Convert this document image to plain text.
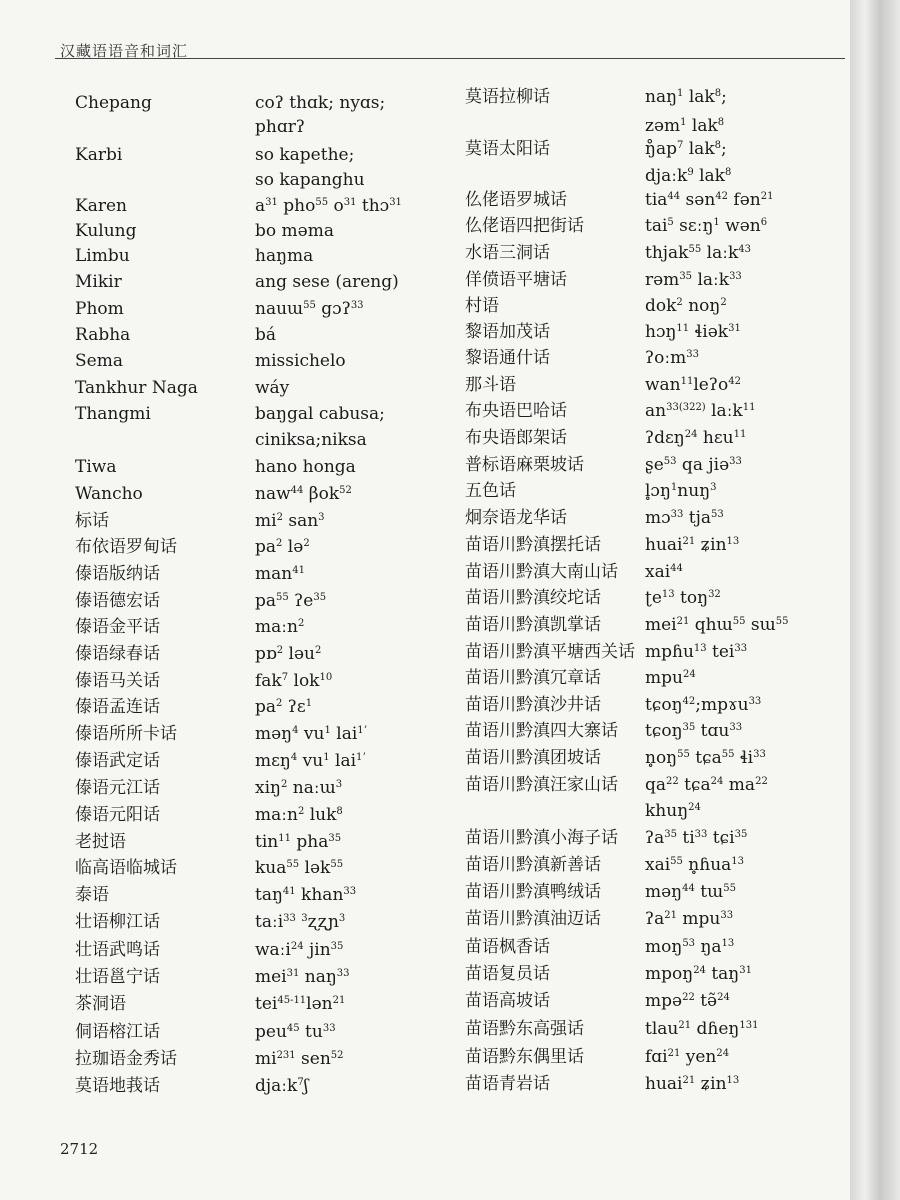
汉藏语语音和词汇
Chepang	coʔ thɑk; nyɑs;
phɑrʔ
Karbi	so kapethe;
so kapanghu
Karen	$a^{31}$ pho$^{55}$ $o^{31}$ thɔ$^{31}$
Kulung	bo məma
Limbu	haŋma
Mikir	ang sese (areng)
Phom	nauɯ$^{55}$ gɔʔ$^{33}$
Rabha	bá
Sema	missichelo
Tankhur Naga	wáy
Thangmi	baŋgal cabusa;
ciniksa;niksa
Tiwa	hano honga
Wancho	naw$^{44}$ βok$^{52}$
标话	$mi^2$ san$^3$
布依语罗甸话	$pa^2$ lə$^2$
傣语版纳话	man$^{41}$
傣语德宏话	$pa^{55}$ ʔe$^{35}$
傣语金平话	maːn$^2$
傣语绿春话	pɒ$^2$ ləu$^2$
傣语马关话	fak$^7$ lok$^{10}$
傣语孟连话	$pa^2$ ʔɛ$^1$
傣语所所卡话	məŋ$^4$ $vu^1$ lai$^{1ʼ}$
傣语武定话	mɛŋ$^4$ $vu^1$ lai$^{1ʼ}$
傣语元江话	xiŋ$^2$ naːɯ$^3$
傣语元阳话	maːn$^2$ luk$^8$
老挝语	tin$^{11}$ pha$^{35}$
临高语临城话	kua$^{55}$ lək$^{55}$
泰语	taŋ$^{41}$ khan$^{33}$
壮语柳江话	taːi$^{33}$ $^3$ʐʐɲ$^3$
壮语武鸣话	waːi$^{24}$ jin$^{35}$
壮语邕宁话	mei$^{31}$ naŋ$^{33}$
茶洞语	tei$^{45-11}$lən$^{21}$
侗语榕江话	peu$^{45}$ $tu^{33}$
拉珈语金秀话	$mi^{231}$ sen$^{52}$
莫语地莪话	djaːk$^7$ʃ
莫语拉柳话	naŋ$^1$ lak$^8$;
zəm$^1$ lak$^8$
莫语太阳话	$ŋ̊ap^7$ lak$^8$;
djaːk$^9$ lak$^8$
仫佬语罗城话	tia$^{44}$ sən$^{42}$ fən$^{21}$
仫佬语四把街话	tai$^5$ sɛːŋ$^1$ wən$^6$
水语三洞话	thjak$^{55}$ laːk$^{43}$
佯偾语平塘话	rəm$^{35}$ laːk$^{33}$
村语	dok$^2$ noŋ$^2$
黎语加茂话	hɔŋ$^{11}$ ɬiək$^{31}$
黎语通什话	ʔoːm$^{33}$
那斗语	wan$^{11}$leʔo$^{42}$
布央语巴哈话	$an^{33(322)}$ laːk$^{11}$
布央语郎架话	ʔdɛŋ$^{24}$ hɛu$^{11}$
普标语麻栗坡话	ʂe$^{53}$ qa jiə$^{33}$
五色话	l̥ɔŋ$^1$nuŋ$^3$
炯奈语龙华话	mɔ$^{33}$ tja$^{53}$
苗语川黔滇摆托话	huai$^{21}$ ʑin$^{13}$
苗语川黔滇大南山话 xai$^{44}$
苗语川黔滇绞坨话	ʈe$^{13}$ toŋ$^{32}$
苗语川黔滇凯掌话	mei$^{21}$ qhɯ$^{55}$ sɯ$^{55}$
苗语川黔滇平塘西关话 mpɦu$^{13}$ tei$^{33}$
苗语川黔滇冗章话	mpu$^{24}$
苗语川黔滇沙井话	tɕoŋ$^{42}$;mpɤu$^{33}$
苗语川黔滇四大寨话 tɕoŋ$^{35}$ tɑu$^{33}$
苗语川黔滇团坡话	$n̥oŋ^{55}$ tɕa$^{55}$ ɬi$^{33}$
苗语川黔滇汪家山话 $qa^{22}$ tɕa$^{24}$ $ma^{22}$
khuŋ$^{24}$
苗语川黔滇小海子话 ʔa$^{35}$ $ti^{33}$ tɕi$^{35}$
苗语川黔滇新善话	xai$^{55}$ n̥ɦua$^{13}$
苗语川黔滇鸭绒话	məŋ$^{44}$ tɯ$^{55}$
苗语川黔滇油迈话	ʔa$^{21}$ mpu$^{33}$
苗语枫香话	moŋ$^{53}$ $ŋa^{13}$
苗语复员话	mpoŋ$^{24}$ taŋ$^{31}$
苗语高坡话	mpə$^{22}$ tə̃$^{24}$
苗语黔东高强话	tlau$^{21}$ dɦeŋ$^{131}$
苗语黔东偶里话	fɑi$^{21}$ yen$^{24}$
苗语青岩话	huai$^{21}$ ʑin$^{13}$
2712
